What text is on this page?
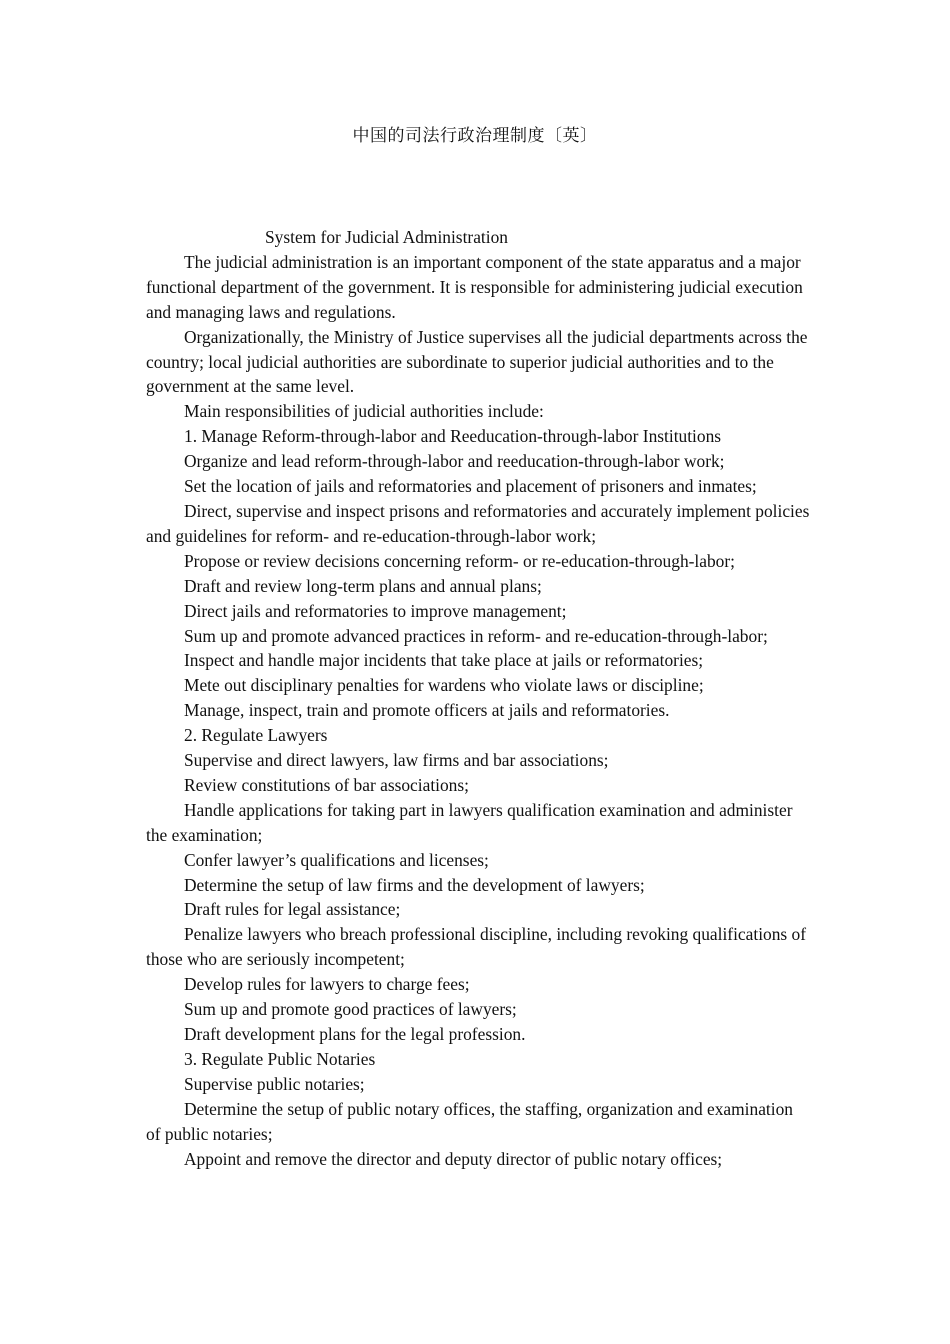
中国的司法行政治理制度〔英〕

System for Judicial Administration

The judicial administration is an important component of the state apparatus and a major functional department of the government. It is responsible for administering judicial execution and managing laws and regulations.

Organizationally, the Ministry of Justice supervises all the judicial departments across the country; local judicial authorities are subordinate to superior judicial authorities and to the government at the same level.

Main responsibilities of judicial authorities include:

1. Manage Reform-through-labor and Reeducation-through-labor Institutions

Organize and lead reform-through-labor and reeducation-through-labor work;

Set the location of jails and reformatories and placement of prisoners and inmates;

Direct, supervise and inspect prisons and reformatories and accurately implement policies and guidelines for reform- and re-education-through-labor work;

Propose or review decisions concerning reform- or re-education-through-labor;

Draft and review long-term plans and annual plans;

Direct jails and reformatories to improve management;

Sum up and promote advanced practices in reform- and re-education-through-labor;

Inspect and handle major incidents that take place at jails or reformatories;

Mete out disciplinary penalties for wardens who violate laws or discipline;

Manage, inspect, train and promote officers at jails and reformatories.

2. Regulate Lawyers

Supervise and direct lawyers, law firms and bar associations;

Review constitutions of bar associations;

Handle applications for taking part in lawyers qualification examination and administer the examination;

Confer lawyer’s qualifications and licenses;

Determine the setup of law firms and the development of lawyers;

Draft rules for legal assistance;

Penalize lawyers who breach professional discipline, including revoking qualifications of those who are seriously incompetent;

Develop rules for lawyers to charge fees;

Sum up and promote good practices of lawyers;

Draft development plans for the legal profession.

3. Regulate Public Notaries

Supervise public notaries;

Determine the setup of public notary offices, the staffing, organization and examination of public notaries;

Appoint and remove the director and deputy director of public notary offices;
